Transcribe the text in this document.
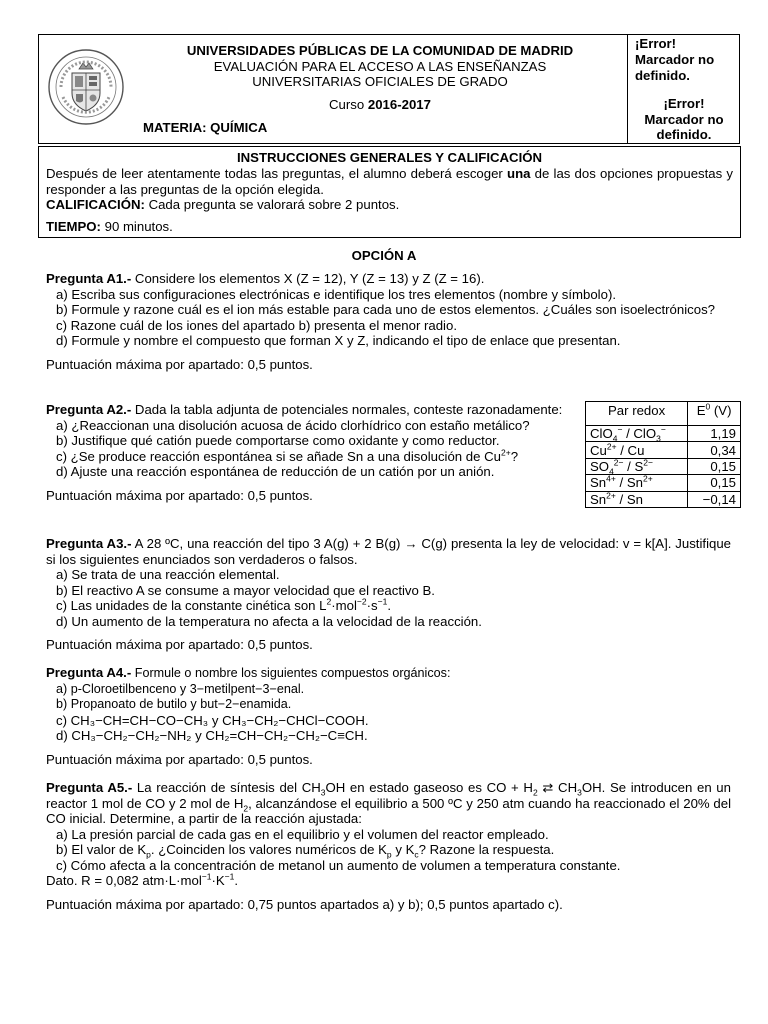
UNIVERSIDADES PÚBLICAS DE LA COMUNIDAD DE MADRID
EVALUACIÓN PARA EL ACCESO A LAS ENSEÑANZAS
UNIVERSITARIAS OFICIALES DE GRADO
Curso 2016-2017
MATERIA: QUÍMICA
¡Error!
Marcador no
definido.
¡Error!
Marcador no
definido.
INSTRUCCIONES GENERALES Y CALIFICACIÓN
Después de leer atentamente todas las preguntas, el alumno deberá escoger una de las dos opciones propuestas y responder a las preguntas de la opción elegida.
CALIFICACIÓN: Cada pregunta se valorará sobre 2 puntos.
TIEMPO: 90 minutos.
OPCIÓN A

Pregunta A1.- Considere los elementos X (Z = 12), Y (Z = 13) y Z (Z = 16).

a) Escriba sus configuraciones electrónicas e identifique los tres elementos (nombre y símbolo).

b) Formule y razone cuál es el ion más estable para cada uno de estos elementos. ¿Cuáles son isoelectrónicos?

c) Razone cuál de los iones del apartado b) presenta el menor radio.

d) Formule y nombre el compuesto que forman X y Z, indicando el tipo de enlace que presentan.

Puntuación máxima por apartado: 0,5 puntos.

Pregunta A2.- Dada la tabla adjunta de potenciales normales, conteste razonadamente:

a) ¿Reaccionan una disolución acuosa de ácido clorhídrico con estaño metálico?

b) Justifique qué catión puede comportarse como oxidante y como reductor.

c) ¿Se produce reacción espontánea si se añade Sn a una disolución de $Cu^{2+}$?

d) Ajuste una reacción espontánea de reducción de un catión por un anión.

Puntuación máxima por apartado: 0,5 puntos.

Par redox	$E^0$ (V)
ClO$_4$− / ClO$_3$−	1,19
$Cu^{2+}$ / Cu	0,34
$SO_4^{2-} / S^{2-}$	0,15
$Sn^{4+} / Sn^{2+}$	0,15
$Sn^{2+}$ / Sn	−0,14

Pregunta A3.- A 28 ºC, una reacción del tipo 3 A(g) + 2 B(g) → C(g) presenta la ley de velocidad: v = k[A]. Justifique si los siguientes enunciados son verdaderos o falsos.

a) Se trata de una reacción elemental.

b) El reactivo A se consume a mayor velocidad que el reactivo B.

c) Las unidades de la constante cinética son $L^2\cdot mol^{-2}\cdot s^{-1}$.

d) Un aumento de la temperatura no afecta a la velocidad de la reacción.

Puntuación máxima por apartado: 0,5 puntos.

Pregunta A4.- Formule o nombre los siguientes compuestos orgánicos:

a) p-Cloroetilbenceno y 3−metilpent−3−enal.

b) Propanoato de butilo y but−2−enamida.

c) CH₃−CH=CH−CO−CH₃ y CH₃−CH₂−CHCl−COOH.

d) CH₃−CH₂−CH₂−NH₂ y CH₂=CH−CH₂−CH₂−C≡CH.

Puntuación máxima por apartado: 0,5 puntos.

Pregunta A5.- La reacción de síntesis del $CH_3OH$ en estado gaseoso es CO + $H_2$ ⇄ $CH_3OH$. Se introducen en un reactor 1 mol de CO y 2 mol de $H_2$, alcanzándose el equilibrio a 500 ºC y 250 atm cuando ha reaccionado el 20% del CO inicial. Determine, a partir de la reacción ajustada:

a) La presión parcial de cada gas en el equilibrio y el volumen del reactor empleado.

b) El valor de $K_p$. ¿Coinciden los valores numéricos de $K_p$ y $K_c$? Razone la respuesta.

c) Cómo afecta a la concentración de metanol un aumento de volumen a temperatura constante.

Dato. R = 0,082 $atm\cdot L\cdot mol^{-1}\cdot K^{-1}$.

Puntuación máxima por apartado: 0,75 puntos apartados a) y b); 0,5 puntos apartado c).
